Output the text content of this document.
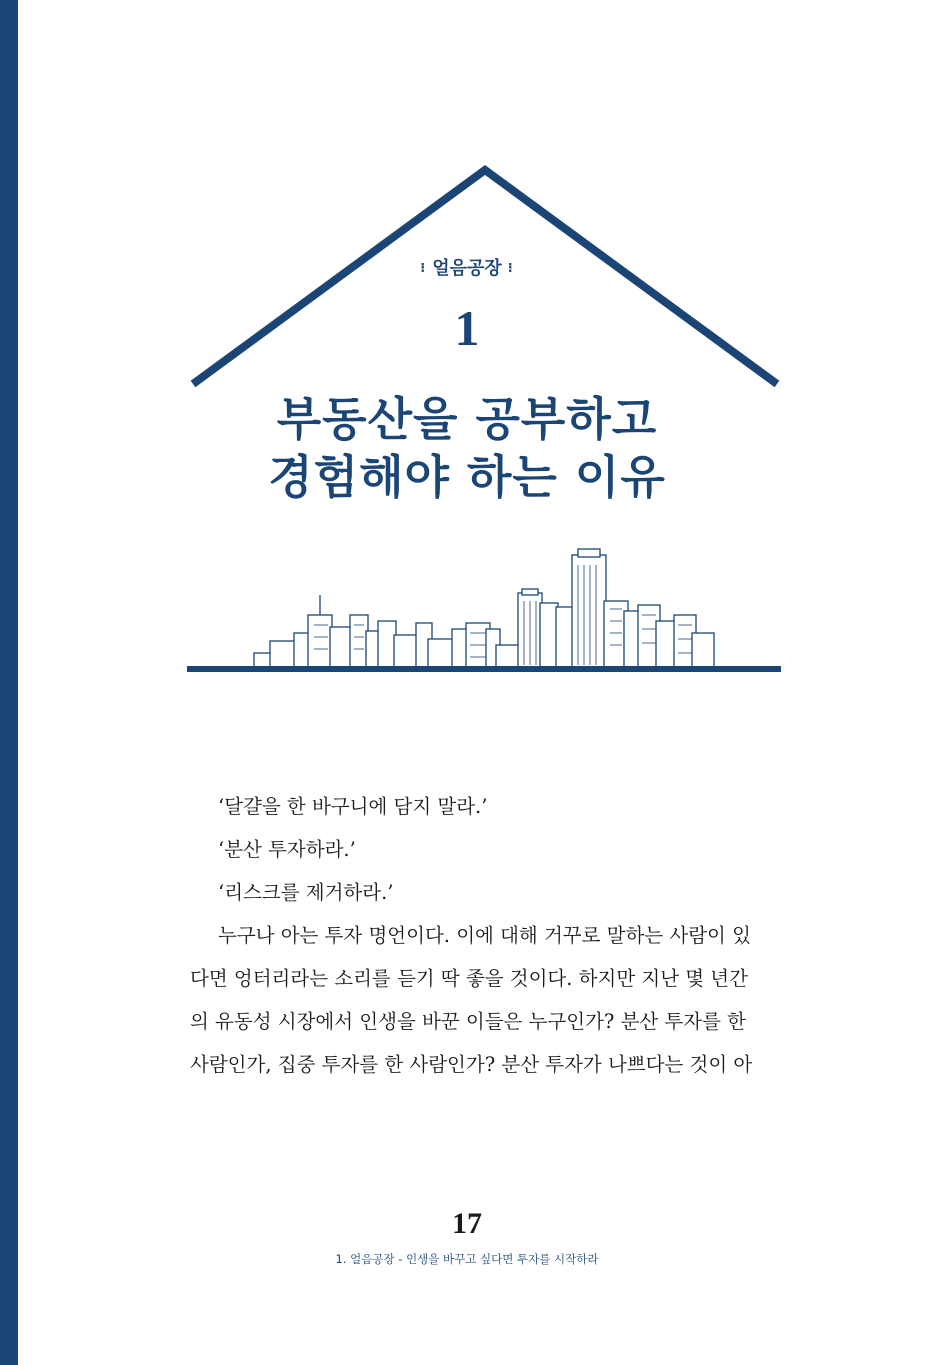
⁝ 얼음공장 ⁝
1
부동산을 공부하고
경험해야 하는 이유

‘달걀을 한 바구니에 담지 말라.’

‘분산 투자하라.’

‘리스크를 제거하라.’

누구나 아는 투자 명언이다. 이에 대해 거꾸로 말하는 사람이 있

다면 엉터리라는 소리를 듣기 딱 좋을 것이다. 하지만 지난 몇 년간

의 유동성 시장에서 인생을 바꾼 이들은 누구인가? 분산 투자를 한

사람인가, 집중 투자를 한 사람인가? 분산 투자가 나쁘다는 것이 아

17
1. 얼음공장 - 인생을 바꾸고 싶다면 투자를 시작하라
